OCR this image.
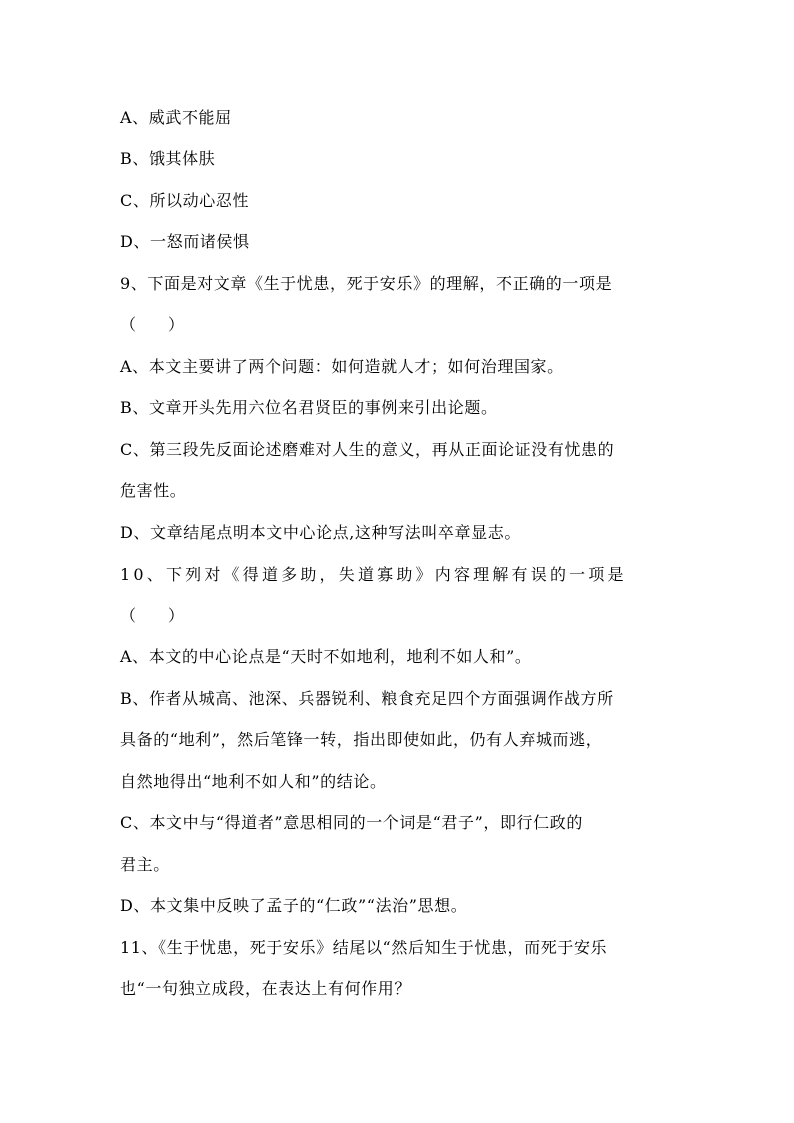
A、威武不能屈
B、饿其体肤
C、所以动心忍性
D、一怒而诸侯惧
9、下面是对文章《生于忧患，死于安乐》的理解，不正确的一项是
（　　）
A、本文主要讲了两个问题：如何造就人才；如何治理国家。
B、文章开头先用六位名君贤臣的事例来引出论题。
C、第三段先反面论述磨难对人生的意义，再从正面论证没有忧患的
危害性。
D、文章结尾点明本文中心论点,这种写法叫卒章显志。
10、下列对《得道多助，失道寡助》内容理解有误的一项是
（　　）
A、本文的中心论点是“天时不如地利，地利不如人和”。
B、作者从城高、池深、兵器锐利、粮食充足四个方面强调作战方所
具备的“地利”，然后笔锋一转，指出即使如此，仍有人弃城而逃，
自然地得出“地利不如人和”的结论。
C、本文中与“得道者”意思相同的一个词是“君子”，即行仁政的
君主。
D、本文集中反映了孟子的“仁政”“法治”思想。
11、《生于忧患，死于安乐》结尾以“然后知生于忧患，而死于安乐
也“一句独立成段，在表达上有何作用？
